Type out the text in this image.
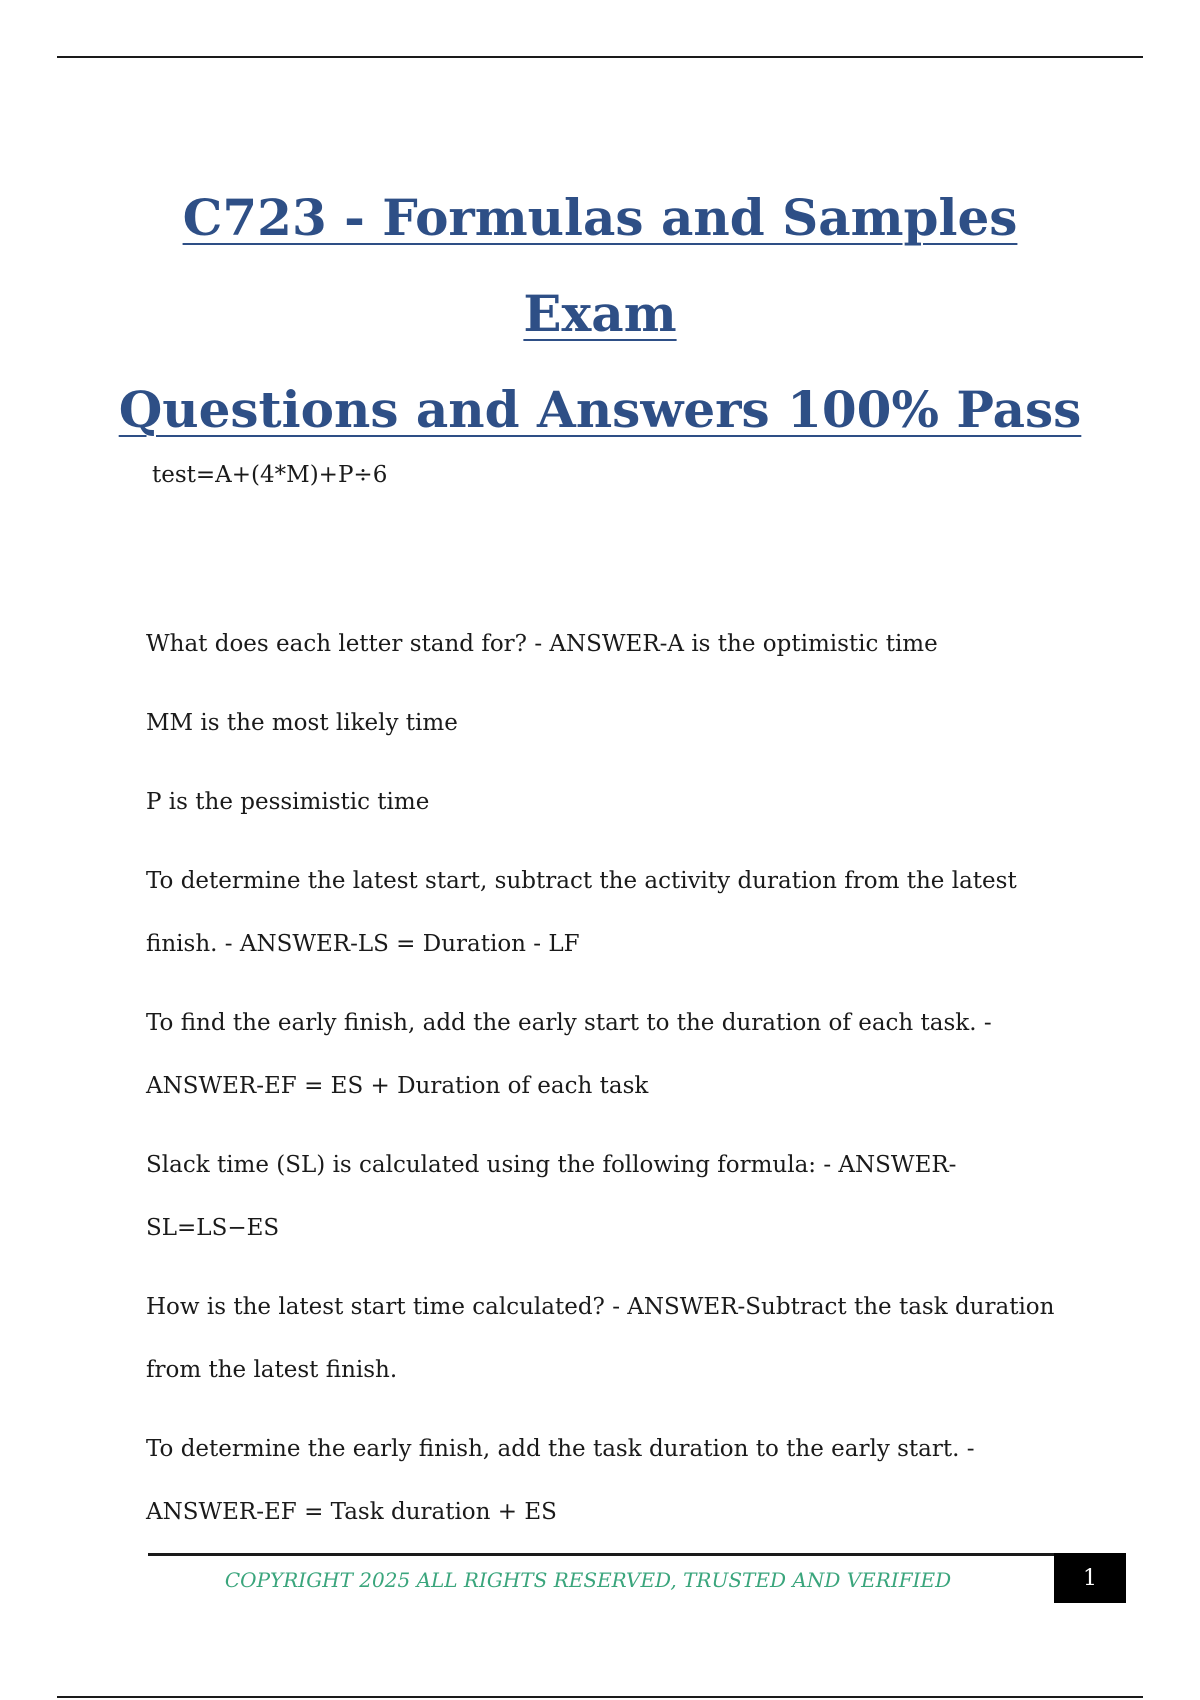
C723 - Formulas and Samples Exam
Questions and Answers 100% Pass

test=A+(4*M)+P÷6

What does each letter stand for? - ANSWER-A is the optimistic time

MM is the most likely time

P is the pessimistic time

To determine the latest start, subtract the activity duration from the latest finish. - ANSWER-LS = Duration - LF

To find the early finish, add the early start to the duration of each task. - ANSWER-EF = ES + Duration of each task

Slack time (SL) is calculated using the following formula: - ANSWER-SL=LS−ES

How is the latest start time calculated? - ANSWER-Subtract the task duration from the latest finish.

To determine the early finish, add the task duration to the early start. - ANSWER-EF = Task duration + ES

COPYRIGHT 2025 ALL RIGHTS RESERVED, TRUSTED AND VERIFIED	1
